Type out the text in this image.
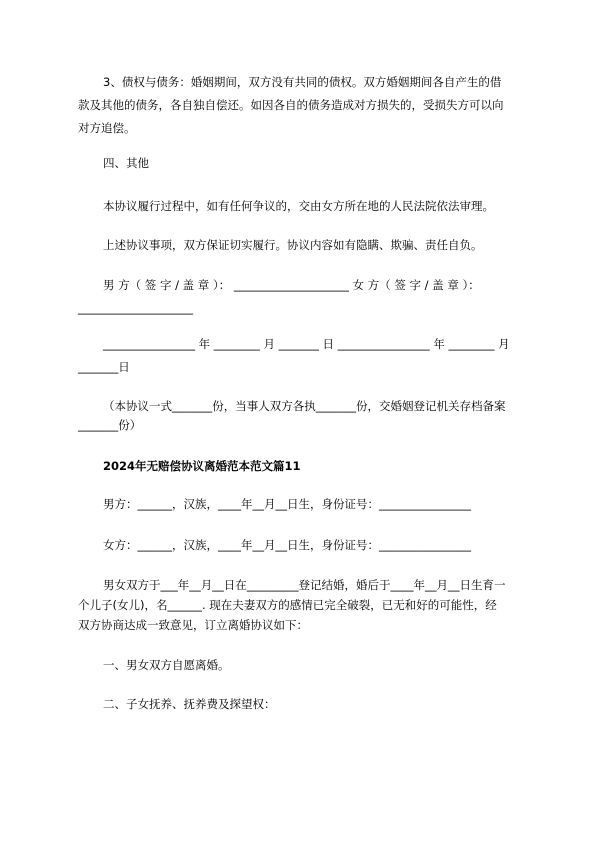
3、债权与债务：婚姻期间，双方没有共同的债权。双方婚姻期间各自产生的借
款及其他的债务，各自独自偿还。如因各自的债务造成对方损失的，受损失方可以向
对方追偿。
四、其他
本协议履行过程中，如有任何争议的，交由女方所在地的人民法院依法审理。
上述协议事项，双方保证切实履行。协议内容如有隐瞒、欺骗、责任自负。
男 方（ 签 字 / 盖 章 ）： ____________________ 女 方（ 签 字 / 盖 章 ）：
____________________
________________ 年 ________ 月 _______ 日 ________________ 年 ________ 月
_______日
（本协议一式_______份，当事人双方各执_______份，交婚姻登记机关存档备案
_______份）
2024年无赔偿协议离婚范本范文篇11
男方：______，汉族，____年__月__日生，身份证号：________________
女方：______，汉族，____年__月__日生，身份证号：________________
男女双方于___年__月__日在_________登记结婚，婚后于____年__月__日生育一
个儿子(女儿)，名______. 现在夫妻双方的感情已完全破裂，已无和好的可能性，经
双方协商达成一致意见，订立离婚协议如下：
一、男女双方自愿离婚。
二、子女抚养、抚养费及探望权：
